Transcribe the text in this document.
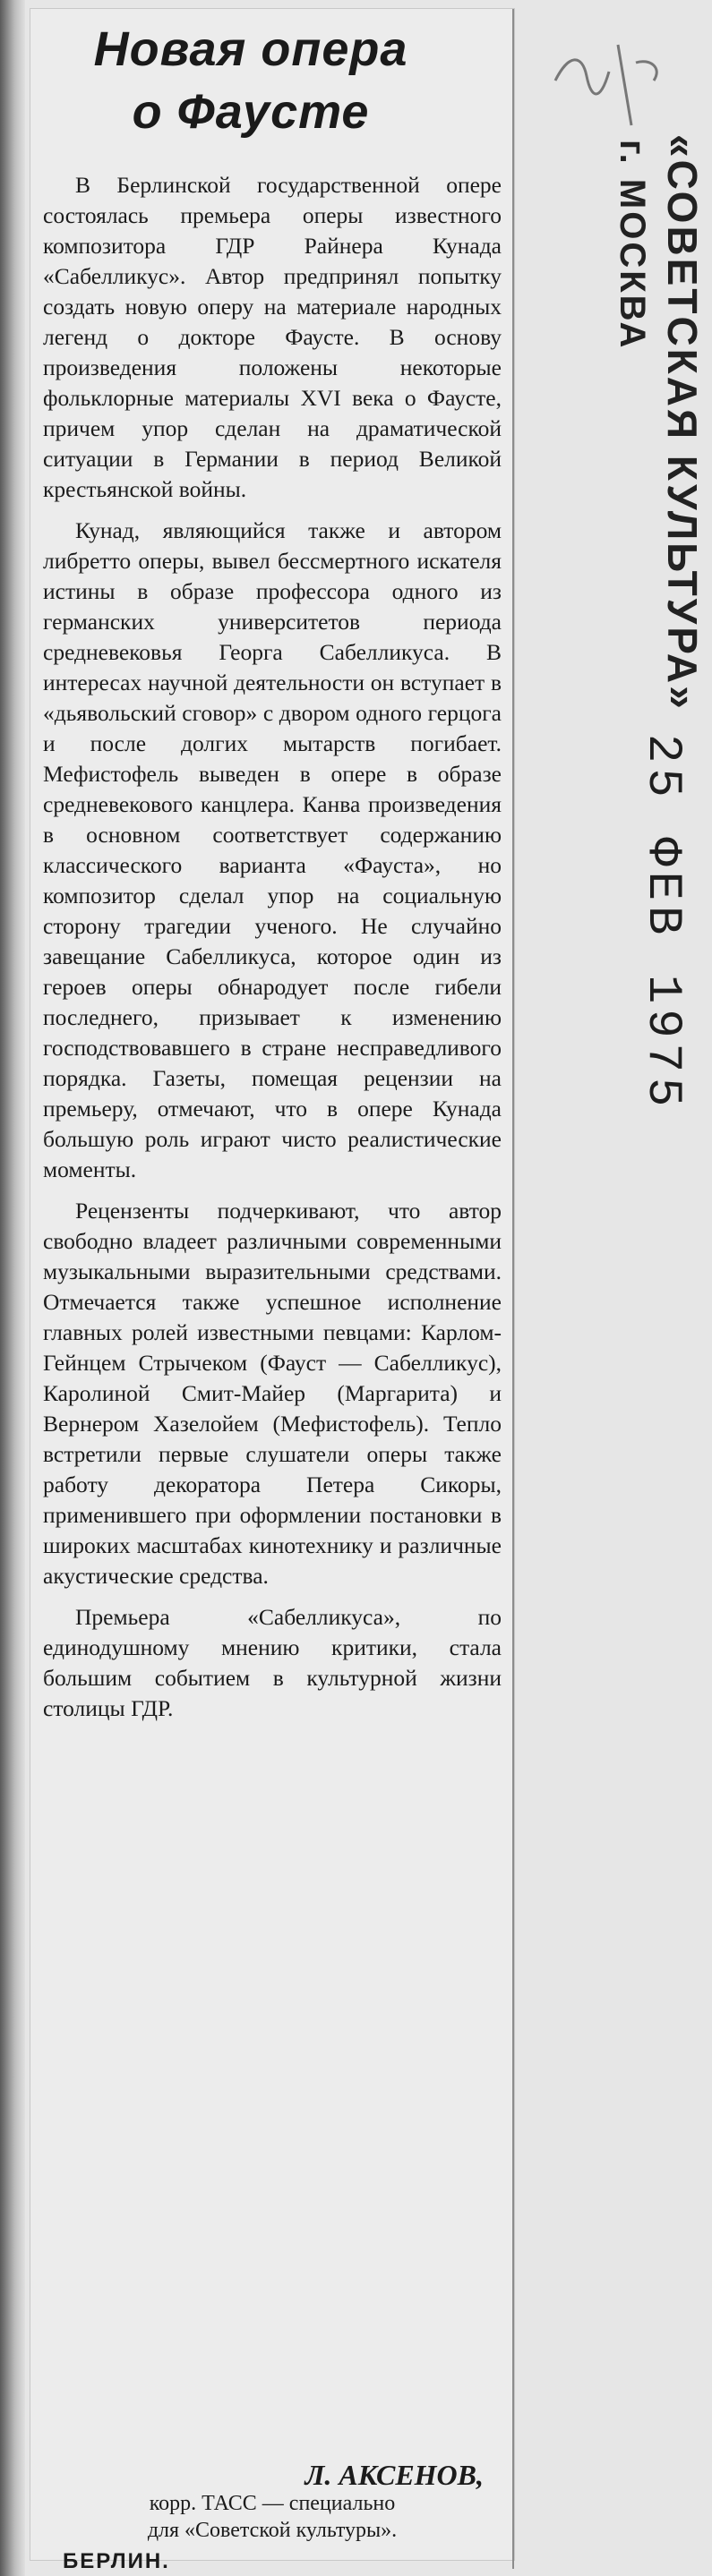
Новая опера
о Фаусте

В Берлинской государственной опере состоялась премьера оперы известного композитора ГДР Райнера Кунада «Сабелликус». Автор предпринял попытку создать новую оперу на материале народных легенд о докторе Фаусте. В основу произведения положены некоторые фольклорные материалы XVI века о Фаусте, причем упор сделан на драматической ситуации в Германии в период Великой крестьянской войны.

Кунад, являющийся также и автором либретто оперы, вывел бессмертного искателя истины в образе профессора одного из германских университетов периода средневековья Георга Сабелликуса. В интересах научной деятельности он вступает в «дьявольский сговор» с двором одного герцога и после долгих мытарств погибает. Мефистофель выведен в опере в образе средневекового канцлера. Канва произведения в основном соответствует содержанию классического варианта «Фауста», но композитор сделал упор на социальную сторону трагедии ученого. Не случайно завещание Сабелликуса, которое один из героев оперы обнародует после гибели последнего, призывает к изменению господствовавшего в стране несправедливого порядка. Газеты, помещая рецензии на премьеру, отмечают, что в опере Кунада большую роль играют чисто реалистические моменты.

Рецензенты подчеркивают, что автор свободно владеет различными современными музыкальными выразительными средствами. Отмечается также успешное исполнение главных ролей известными певцами: Карлом-Гейнцем Стрычеком (Фауст — Сабелликус), Каролиной Смит-Майер (Маргарита) и Вернером Хазелойем (Мефистофель). Тепло встретили первые слушатели оперы также работу декоратора Петера Сикоры, применившего при оформлении постановки в широких масштабах кинотехнику и различные акустические средства.

Премьера «Сабелликуса», по единодушному мнению критики, стала большим событием в культурной жизни столицы ГДР.

Л. АКСЕНОВ,
корр. ТАСС — специально
для «Советской культуры».
БЕРЛИН.
«СОВЕТСКАЯ КУЛЬТУРА»
г. МОСКВА
25 ФЕВ 1975
